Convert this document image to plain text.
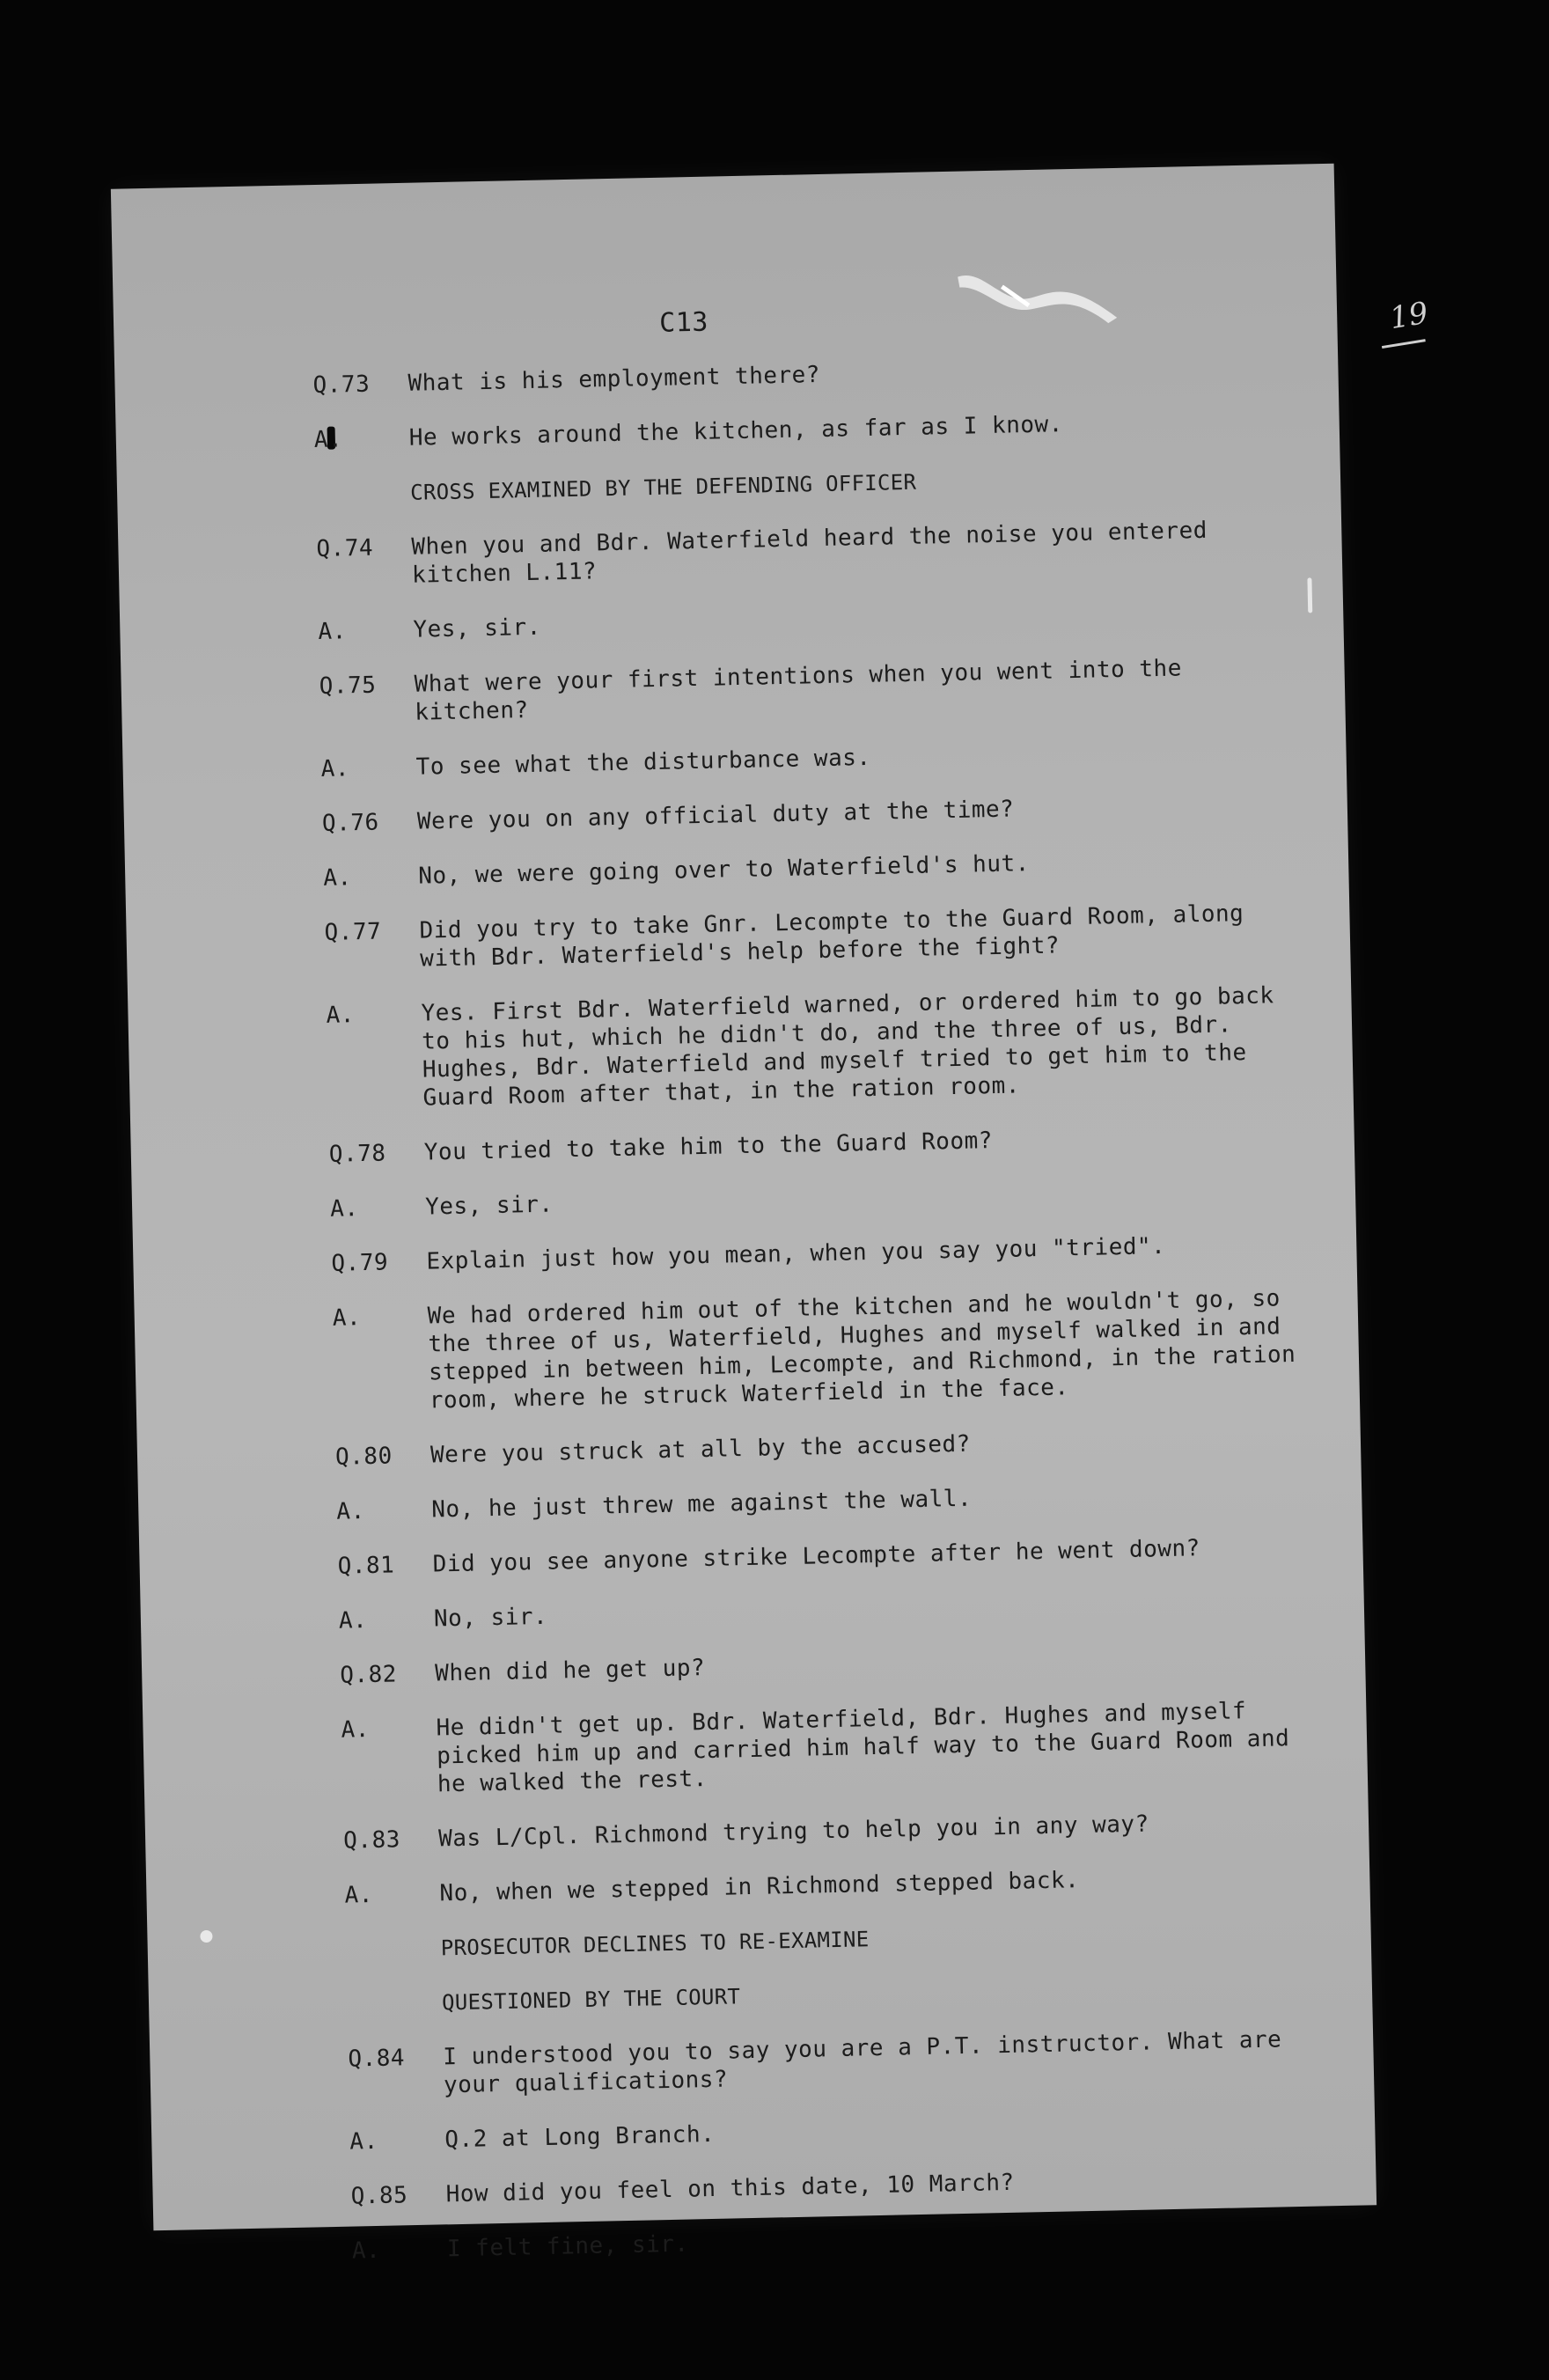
19
C13
Q.73	What is his employment there?
A.	He works around the kitchen, as far as I know.
CROSS EXAMINED BY THE DEFENDING OFFICER
Q.74	When you and Bdr. Waterfield heard the noise you entered kitchen L.11?
A.	Yes, sir.
Q.75	What were your first intentions when you went into the kitchen?
A.	To see what the disturbance was.
Q.76	Were you on any official duty at the time?
A.	No, we were going over to Waterfield's hut.
Q.77	Did you try to take Gnr. Lecompte to the Guard Room, along with Bdr. Waterfield's help before the fight?
A.	Yes. First Bdr. Waterfield warned, or ordered him to go back to his hut, which he didn't do, and the three of us, Bdr. Hughes, Bdr. Waterfield and myself tried to get him to the Guard Room after that, in the ration room.
Q.78	You tried to take him to the Guard Room?
A.	Yes, sir.
Q.79	Explain just how you mean, when you say you "tried".
A.	We had ordered him out of the kitchen and he wouldn't go, so the three of us, Waterfield, Hughes and myself walked in and stepped in between him, Lecompte, and Richmond, in the ration room, where he struck Waterfield in the face.
Q.80	Were you struck at all by the accused?
A.	No, he just threw me against the wall.
Q.81	Did you see anyone strike Lecompte after he went down?
A.	No, sir.
Q.82	When did he get up?
A.	He didn't get up. Bdr. Waterfield, Bdr. Hughes and myself picked him up and carried him half way to the Guard Room and he walked the rest.
Q.83	Was L/Cpl. Richmond trying to help you in any way?
A.	No, when we stepped in Richmond stepped back.
PROSECUTOR DECLINES TO RE-EXAMINE
QUESTIONED BY THE COURT
Q.84	I understood you to say you are a P.T. instructor. What are your qualifications?
A.	Q.2 at Long Branch.
Q.85	How did you feel on this date, 10 March?
A.	I felt fine, sir.
